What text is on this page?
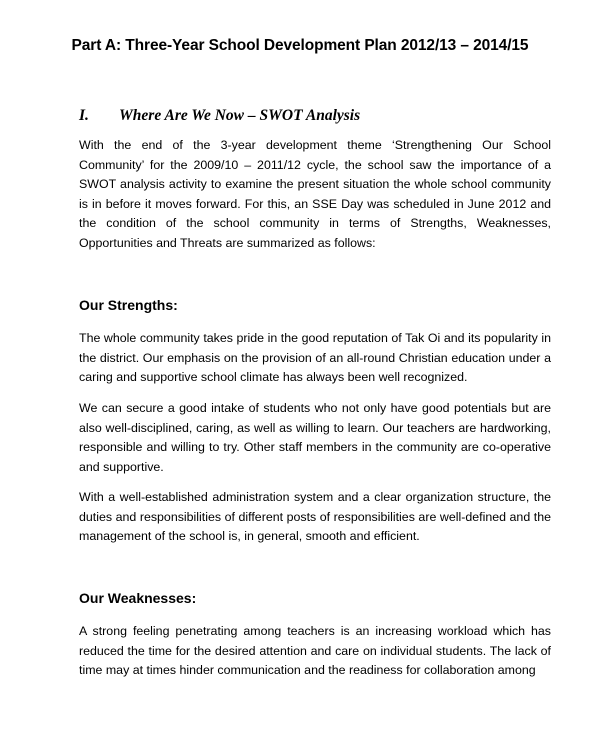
Part A: Three-Year School Development Plan 2012/13 – 2014/15
I. Where Are We Now – SWOT Analysis

With the end of the 3-year development theme ‘Strengthening Our School Community’ for the 2009/10 – 2011/12 cycle, the school saw the importance of a SWOT analysis activity to examine the present situation the whole school community is in before it moves forward. For this, an SSE Day was scheduled in June 2012 and the condition of the school community in terms of Strengths, Weaknesses, Opportunities and Threats are summarized as follows:

Our Strengths:

The whole community takes pride in the good reputation of Tak Oi and its popularity in the district. Our emphasis on the provision of an all-round Christian education under a caring and supportive school climate has always been well recognized.

We can secure a good intake of students who not only have good potentials but are also well-disciplined, caring, as well as willing to learn. Our teachers are hardworking, responsible and willing to try. Other staff members in the community are co-operative and supportive.

With a well-established administration system and a clear organization structure, the duties and responsibilities of different posts of responsibilities are well-defined and the management of the school is, in general, smooth and efficient.

Our Weaknesses:

A strong feeling penetrating among teachers is an increasing workload which has reduced the time for the desired attention and care on individual students. The lack of time may at times hinder communication and the readiness for collaboration among
